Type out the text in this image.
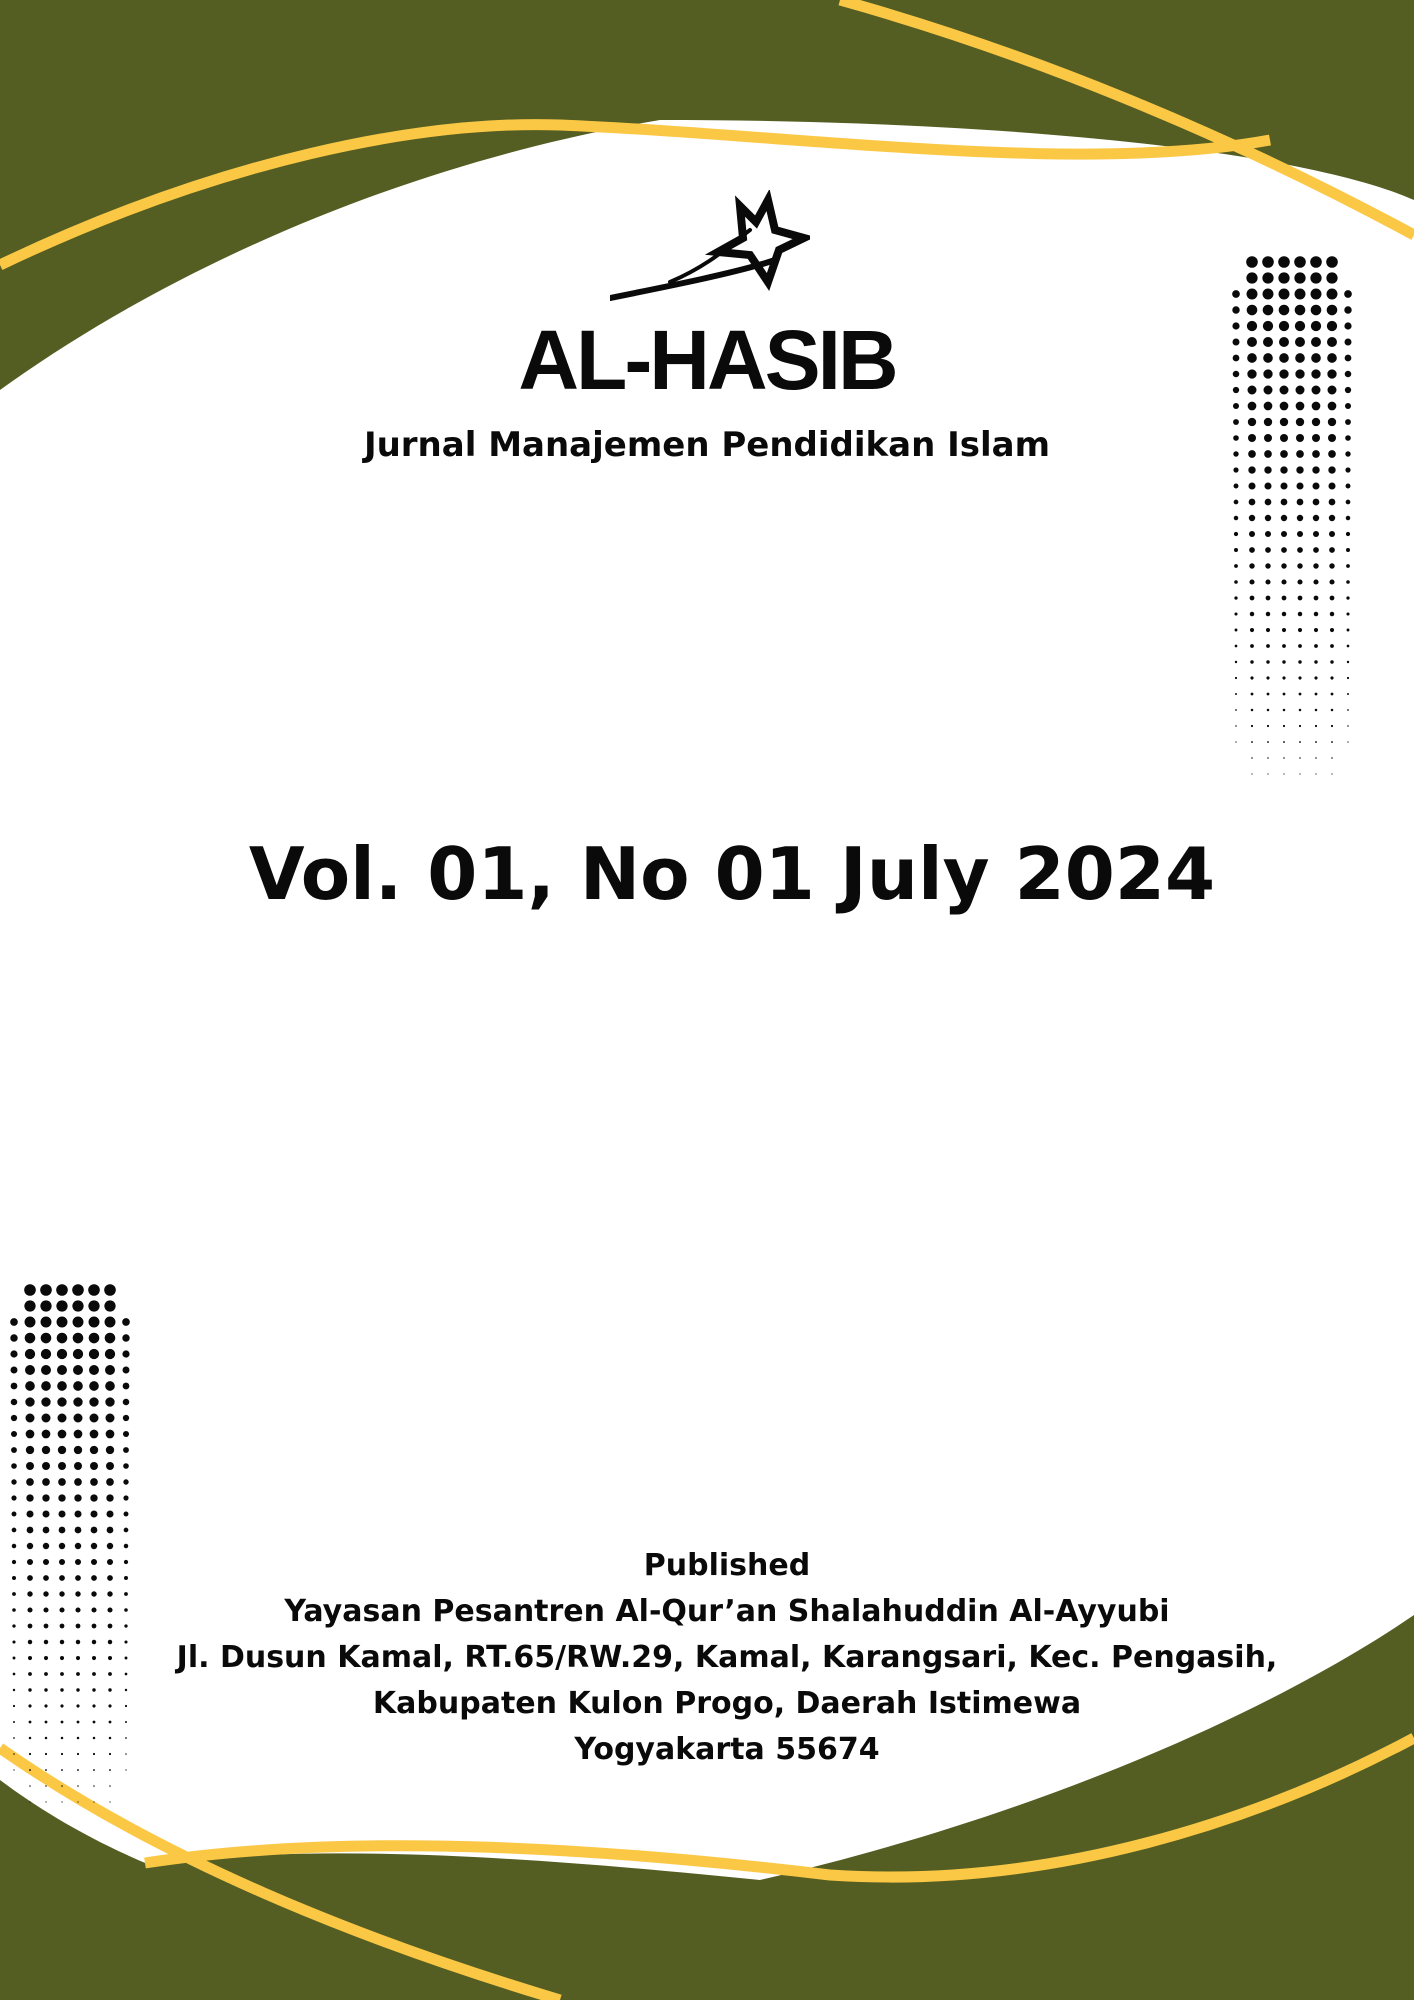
AL-HASIB
Jurnal Manajemen Pendidikan Islam
Vol. 01, No 01 July 2024
Published
Yayasan Pesantren Al-Qur’an Shalahuddin Al-Ayyubi
Jl. Dusun Kamal, RT.65/RW.29, Kamal, Karangsari, Kec. Pengasih,
Kabupaten Kulon Progo, Daerah Istimewa
Yogyakarta 55674
